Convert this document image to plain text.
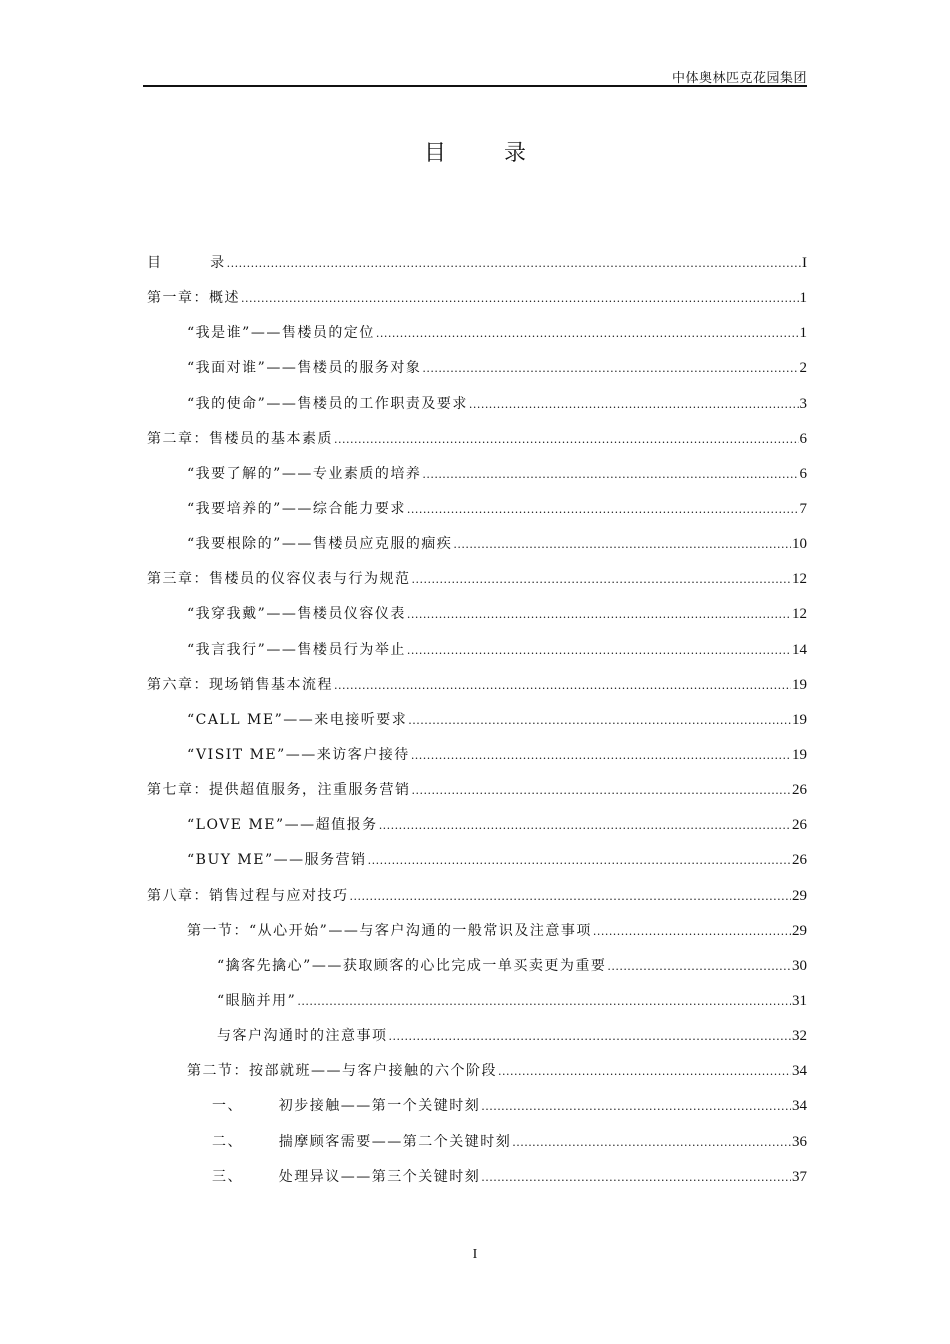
中体奥林匹克花园集团
目录
目        录 .....	I
第一章：概述 .....	1
“我是谁”——售楼员的定位 .....	1
“我面对谁”——售楼员的服务对象 .....	2
“我的使命”——售楼员的工作职责及要求 .....	3
第二章：售楼员的基本素质 .....	6
“我要了解的”——专业素质的培养 .....	6
“我要培养的”——综合能力要求 .....	7
“我要根除的”——售楼员应克服的痼疾 .....	10
第三章：售楼员的仪容仪表与行为规范 .....	12
“我穿我戴”——售楼员仪容仪表 .....	12
“我言我行”——售楼员行为举止 .....	14
第六章：现场销售基本流程 .....	19
“CALL ME”——来电接听要求 .....	19
“VISIT ME”——来访客户接待 .....	19
第七章：提供超值服务，注重服务营销 .....	26
“LOVE ME”——超值报务 .....	26
“BUY ME”——服务营销 .....	26
第八章：销售过程与应对技巧 .....	29
第一节：“从心开始”——与客户沟通的一般常识及注意事项 .....	29
“擒客先擒心”——获取顾客的心比完成一单买卖更为重要 .....	30
“眼脑并用” .....	31
与客户沟通时的注意事项 .....	32
第二节：按部就班——与客户接触的六个阶段 .....	34
一、      初步接触——第一个关键时刻 .....	34
二、      揣摩顾客需要——第二个关键时刻 .....	36
三、      处理异议——第三个关键时刻 .....	37
I
